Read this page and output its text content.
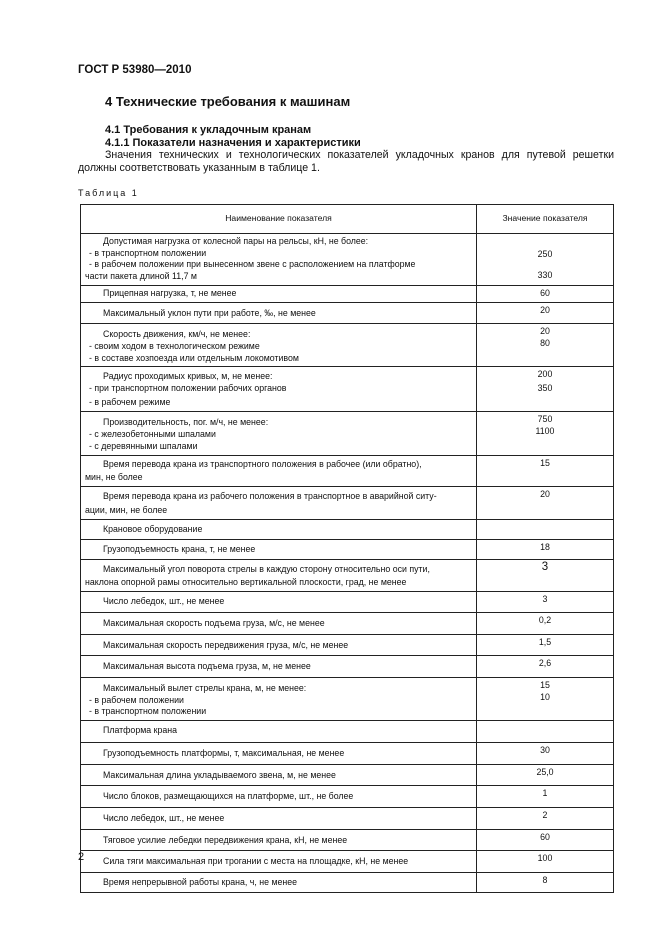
ГОСТ Р 53980—2010
4 Технические требования к машинам
4.1 Требования к укладочным кранам
4.1.1 Показатели назначения и характеристики
Значения технических и технологических показателей укладочных кранов для путевой решетки должны соответствовать указанным в таблице 1.
Таблица 1
Наименование показателя	Значение показателя

Допустимая нагрузка от колесной пары на рельсы, кН, не более:
- в транспортном положении
- в рабочем положении при вынесенном звене с расположением на платформе
части пакета длиной 11,7 м	250
330

Прицепная нагрузка, т, не менее	60

Максимальный уклон пути при работе, ‰, не менее	20

Скорость движения, км/ч, не менее:
- своим ходом в технологическом режиме
- в составе хозпоезда или отдельным локомотивом	20
80

Радиус проходимых кривых, м, не менее:
- при транспортном положении рабочих органов
- в рабочем режиме	200
350

Производительность, пог. м/ч, не менее:
- с железобетонными шпалами
- с деревянными шпалами	750
1100

Время перевода крана из транспортного положения в рабочее (или обратно),
мин, не более	15

Время перевода крана из рабочего положения в транспортное в аварийной ситу-
ации, мин, не более	20

Крановое оборудование	

Грузоподъемность крана, т, не менее	18

Максимальный угол поворота стрелы в каждую сторону относительно оси пути,
наклона опорной рамы относительно вертикальной плоскости, град, не менее	3

Число лебедок, шт., не менее	3

Максимальная скорость подъема груза, м/с, не менее	0,2

Максимальная скорость передвижения груза, м/с, не менее	1,5

Максимальная высота подъема груза, м, не менее	2,6

Максимальный вылет стрелы крана, м, не менее:
- в рабочем положении
- в транспортном положении	15
10

Платформа крана	

Грузоподъемность платформы, т, максимальная, не менее	30

Максимальная длина укладываемого звена, м, не менее	25,0

Число блоков, размещающихся на платформе, шт., не более	1

Число лебедок, шт., не менее	2

Тяговое усилие лебедки передвижения крана, кН, не менее	60

Сила тяги максимальная при трогании с места на площадке, кН, не менее	100

Время непрерывной работы крана, ч, не менее	8
2
